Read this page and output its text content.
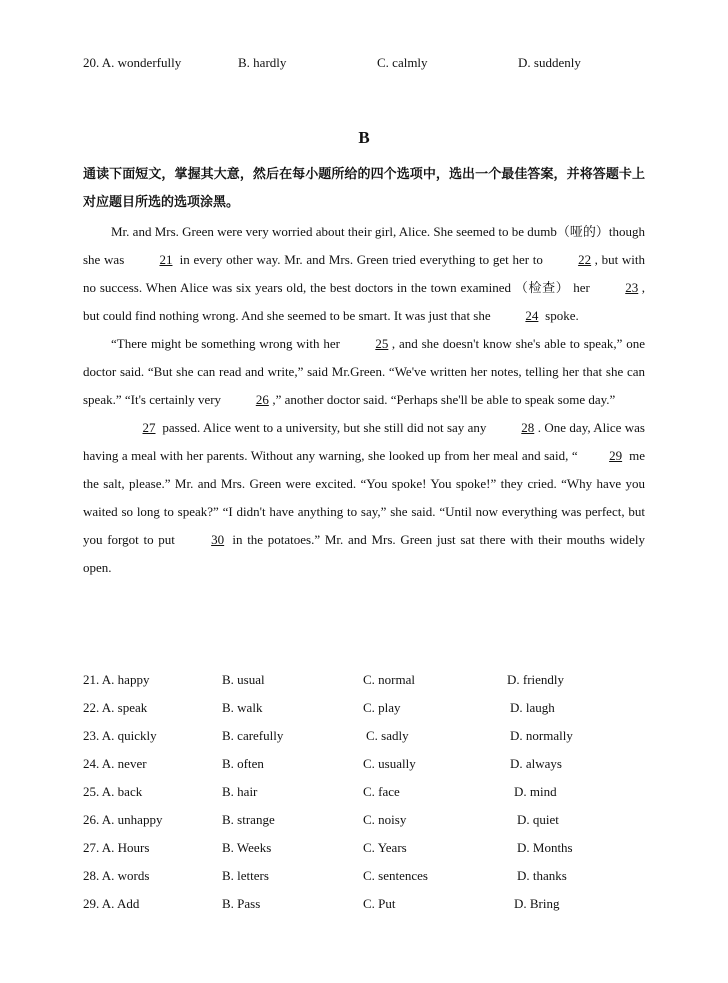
20. A. wonderfully	B. hardly	C. calmly	D. suddenly
B
通读下面短文，掌握其大意，然后在每小题所给的四个选项中，选出一个最佳答案，并将答题卡上对应题目所选的选项涂黑。

Mr. and Mrs. Green were very worried about their girl, Alice. She seemed to be dumb（哑的）though she was 21 in every other way. Mr. and Mrs. Green tried everything to get her to 22 , but with no success. When Alice was six years old, the best doctors in the town examined （检查） her 23 , but could find nothing wrong. And she seemed to be smart. It was just that she 24 spoke.

“There might be something wrong with her 25 , and she doesn't know she's able to speak,” one doctor said. “But she can read and write,” said Mr.Green. “We've written her notes, telling her that she can speak.” “It's certainly very 26 ,” another doctor said. “Perhaps she'll be able to speak some day.”

27 passed. Alice went to a university, but she still did not say any 28 . One day, Alice was having a meal with her parents. Without any warning, she looked up from her meal and said, “ 29 me the salt, please.” Mr. and Mrs. Green were excited. “You spoke! You spoke!” they cried. “Why have you waited so long to speak?” “I didn't have anything to say,” she said. “Until now everything was perfect, but you forgot to put 30 in the potatoes.” Mr. and Mrs. Green just sat there with their mouths widely open.

21. A. happy	B. usual	C. normal	D. friendly
22. A. speak	B. walk	C. play	D. laugh
23. A. quickly	B. carefully	C. sadly	D. normally
24. A. never	B. often	C. usually	D. always
25. A. back	B. hair	C. face	D. mind
26. A. unhappy	B. strange	C. noisy	D. quiet
27. A. Hours	B. Weeks	C. Years	D. Months
28. A. words	B. letters	C. sentences	D. thanks
29. A. Add	B. Pass	C. Put	D. Bring
